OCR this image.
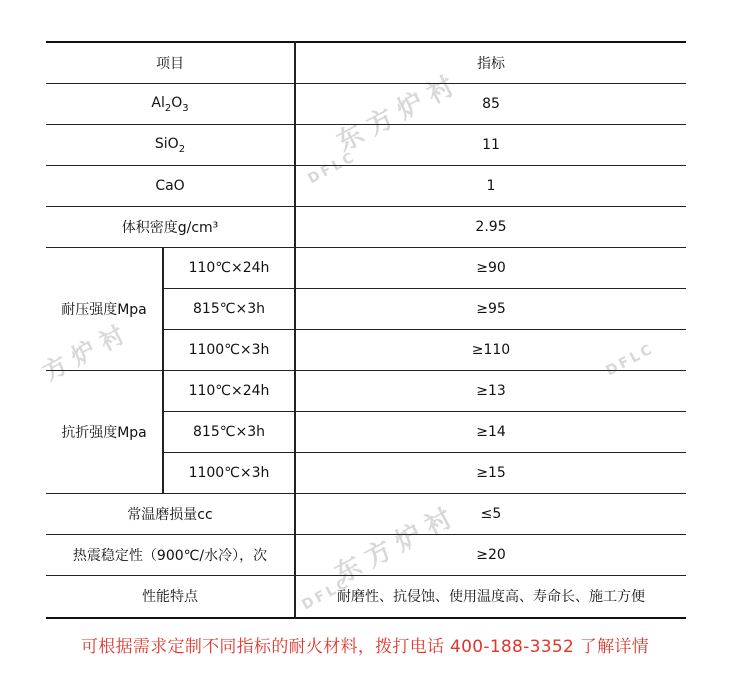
东方炉衬
DFLC
方炉衬	DFLC
东方炉衬
DFLC
项目		指标
$Al_2O_3$		85
SiO$_2$		11
CaO		1
体积密度g/cm³		2.95
耐压强度Mpa	110℃×24h	≥90
	815℃×3h	≥95
	1100℃×3h	≥110
抗折强度Mpa	110℃×24h	≥13
	815℃×3h	≥14
	1100℃×3h	≥15
常温磨损量cc		≤5
热震稳定性（900℃/水冷），次		≥20
性能特点		耐磨性、抗侵蚀、使用温度高、寿命长、施工方便
可根据需求定制不同指标的耐火材料，拨打电话 400-188-3352 了解详情
